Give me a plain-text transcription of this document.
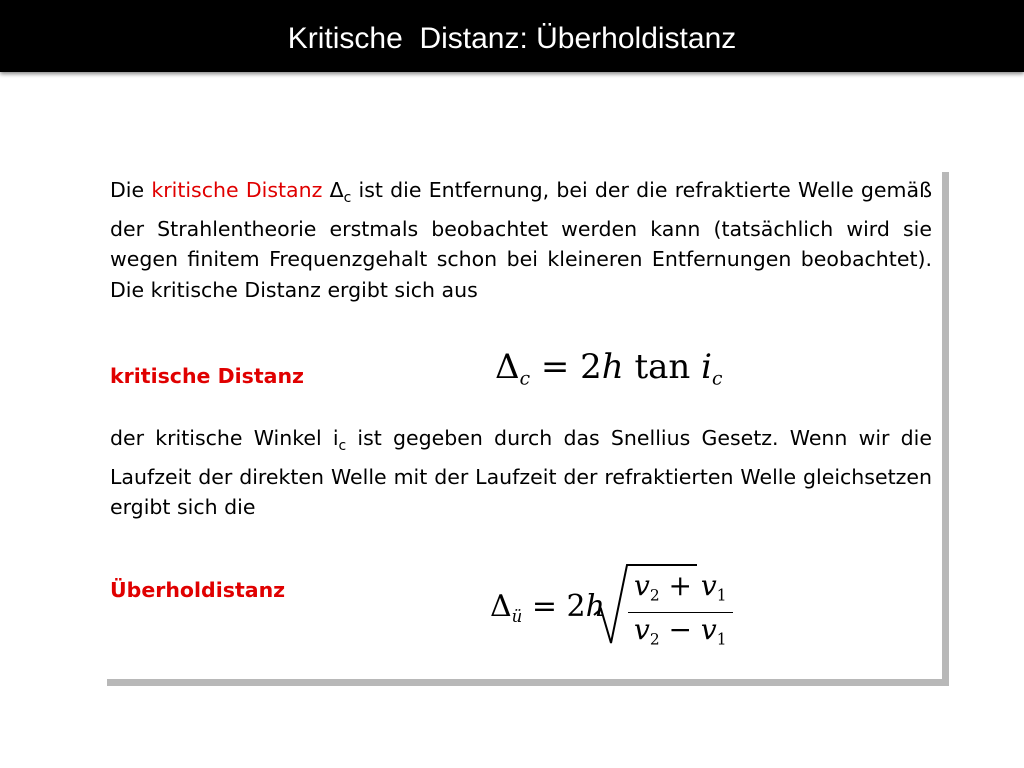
Kritische  Distanz: Überholdistanz
Die kritische Distanz $\Delta_c$ ist die Entfernung, bei der die refraktierte Welle gemäß der Strahlentheorie erstmals beobachtet werden kann (tatsächlich wird sie wegen finitem Frequenzgehalt schon bei kleineren Entfernungen beobachtet). Die kritische Distanz ergibt sich aus
kritische Distanz	$\Delta_c = 2h$ $\tan i_c$
der kritische Winkel $i_c$ ist gegeben durch das Snellius Gesetz. Wenn wir die Laufzeit der direkten Welle mit der Laufzeit der refraktierten Welle gleichsetzen ergibt sich die
Überholdistanz	$\Delta_ü = 2h \frac{v_2 + v_1}{v_2 - v_1}$
